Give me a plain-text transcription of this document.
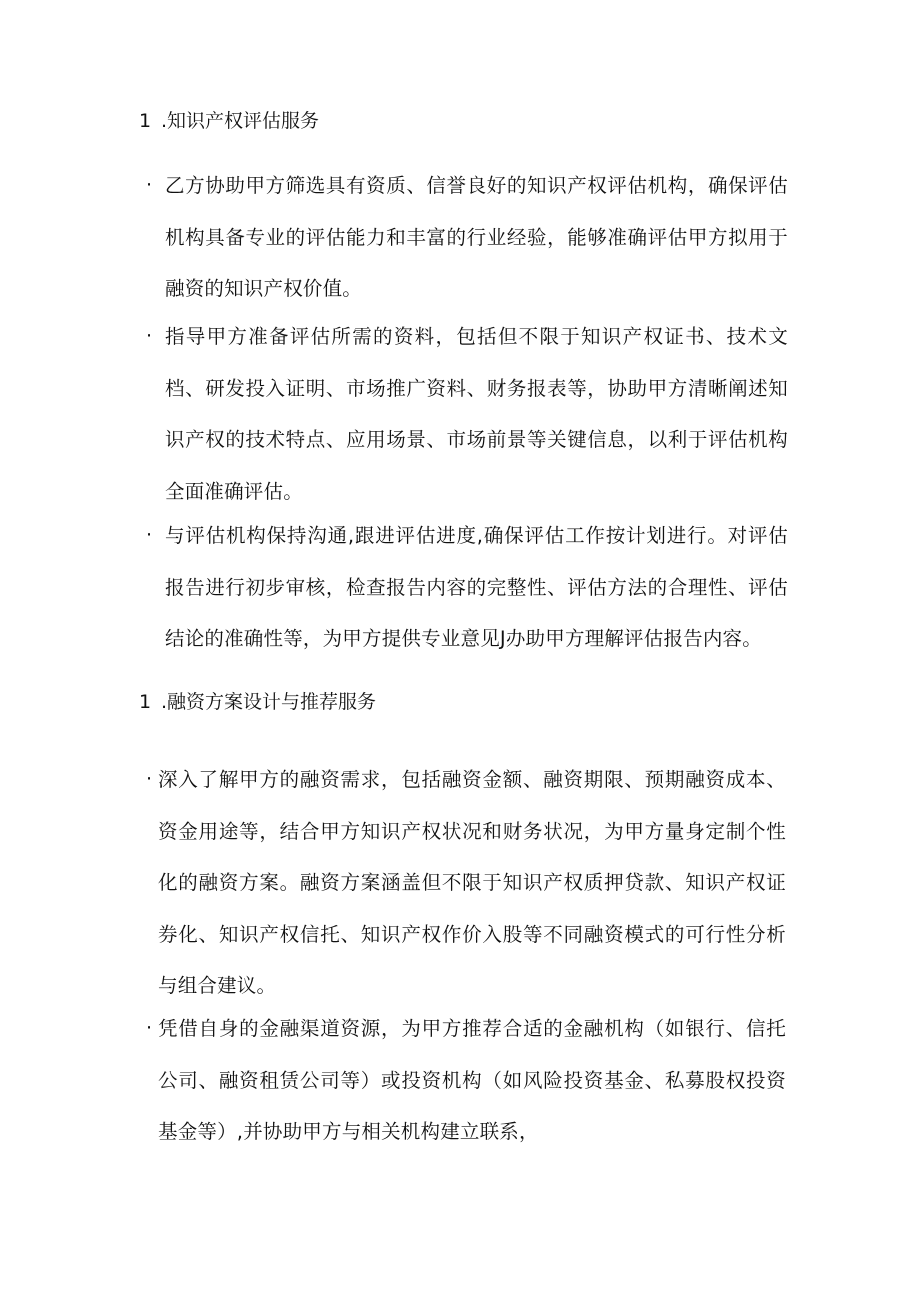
1 .知识产权评估服务
· 乙方协助甲方筛选具有资质、信誉良好的知识产权评估机构，确保评估机构具备专业的评估能力和丰富的行业经验，能够准确评估甲方拟用于融资的知识产权价值。
· 指导甲方准备评估所需的资料，包括但不限于知识产权证书、技术文档、研发投入证明、市场推广资料、财务报表等，协助甲方清晰阐述知识产权的技术特点、应用场景、市场前景等关键信息，以利于评估机构全面准确评估。
· 与评估机构保持沟通,跟进评估进度,确保评估工作按计划进行。对评估报告进行初步审核，检查报告内容的完整性、评估方法的合理性、评估结论的准确性等，为甲方提供专业意见J办助甲方理解评估报告内容。
1 .融资方案设计与推荐服务
· 深入了解甲方的融资需求，包括融资金额、融资期限、预期融资成本、资金用途等，结合甲方知识产权状况和财务状况，为甲方量身定制个性化的融资方案。融资方案涵盖但不限于知识产权质押贷款、知识产权证券化、知识产权信托、知识产权作价入股等不同融资模式的可行性分析与组合建议。
· 凭借自身的金融渠道资源，为甲方推荐合适的金融机构（如银行、信托公司、融资租赁公司等）或投资机构（如风险投资基金、私募股权投资基金等）,并协助甲方与相关机构建立联系，
